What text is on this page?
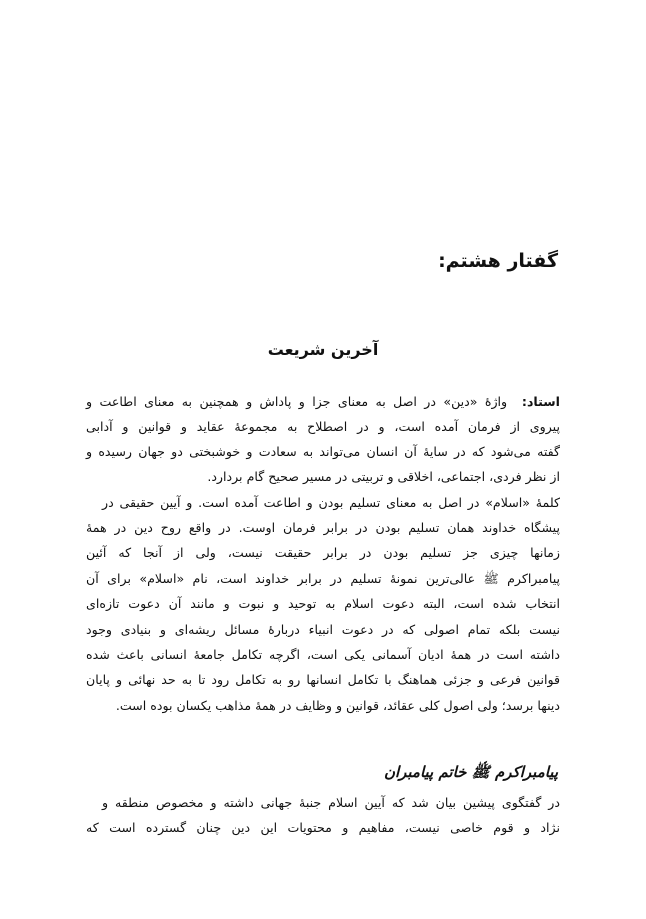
گفتار هشتم:
آخرین شریعت
استاد:  واژۀ «دین» در اصل به معنای جزا و پاداش و همچنین به معنای اطاعت و
پیروی از فرمان آمده است، و در اصطلاح به مجموعۀ عقاید و قوانین و آدابی
گفته می‌شود که در سایۀ آن انسان می‌تواند به سعادت و خوشبختی دو جهان رسیده و
از نظر فردی، اجتماعی، اخلاقی و تربیتی در مسیر صحیح گام بردارد.
کلمۀ «اسلام» در اصل به معنای تسلیم بودن و اطاعت آمده است. و آیین حقیقی در
پیشگاه خداوند همان تسلیم بودن در برابر فرمان اوست. در واقع روح دین در همۀ
زمانها چیزی جز تسلیم بودن در برابر حقیقت نیست، ولی از آنجا که آئین
پیامبراکرم ﷺ عالی‌ترین نمونۀ تسلیم در برابر خداوند است، نام «اسلام» برای آن
انتخاب شده است، البته دعوت اسلام به توحید و نبوت و مانند آن دعوت تازه‌ای
نیست بلکه تمام اصولی که در دعوت انبیاء دربارۀ مسائل ریشه‌ای و بنیادی وجود
داشته است در همۀ ادیان آسمانی یکی است، اگرچه تکامل جامعۀ انسانی باعث شده
قوانین فرعی و جزئی هماهنگ با تکامل انسانها رو به تکامل رود تا به حد نهائی و پایان
دینها برسد؛ ولی اصول کلی عقائد، قوانین و وظایف در همۀ مذاهب یکسان بوده است.
پیامبراکرم ﷺ خاتم پیامبران
در گفتگوی پیشین بیان شد که آیین اسلام جنبۀ جهانی داشته و مخصوص منطقه و
نژاد و قوم خاصی نیست، مفاهیم و محتویات این دین چنان گسترده است که
